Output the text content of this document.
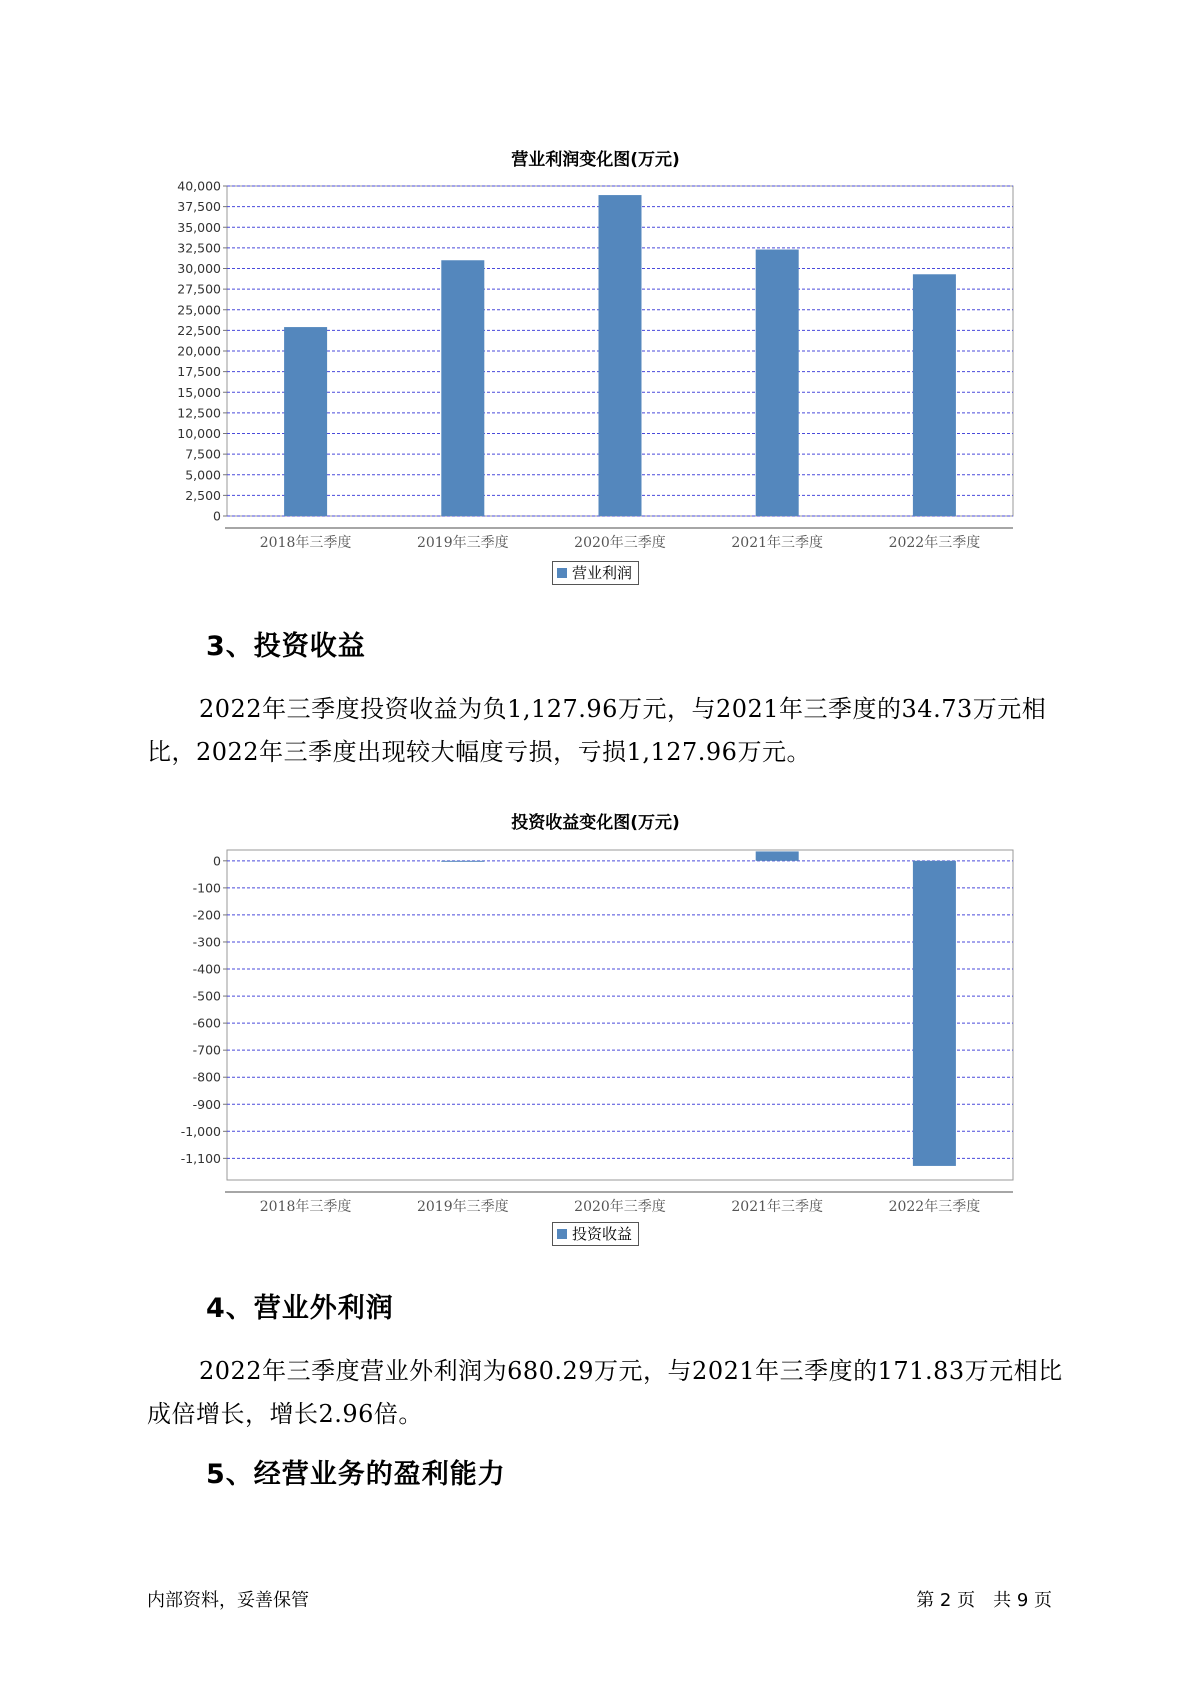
营业利润变化图(万元)
0
2,500
5,000
7,500
10,000
12,500
15,000
17,500
20,000
22,500
25,000
27,500
30,000
32,500
35,000
37,500
40,000
2018年三季度	2019年三季度	2020年三季度	2021年三季度	2022年三季度
营业利润
3、投资收益

2022年三季度投资收益为负1,127.96万元，与2021年三季度的34.73万元相比，2022年三季度出现较大幅度亏损，亏损1,127.96万元。

投资收益变化图(万元)
0
-100
-200
-300
-400
-500
-600
-700
-800
-900
-1,000
-1,100
2018年三季度	2019年三季度	2020年三季度	2021年三季度	2022年三季度
投资收益
4、营业外利润

2022年三季度营业外利润为680.29万元，与2021年三季度的171.83万元相比成倍增长，增长2.96倍。

5、经营业务的盈利能力
内部资料，妥善保管	第 2 页　共 9 页
